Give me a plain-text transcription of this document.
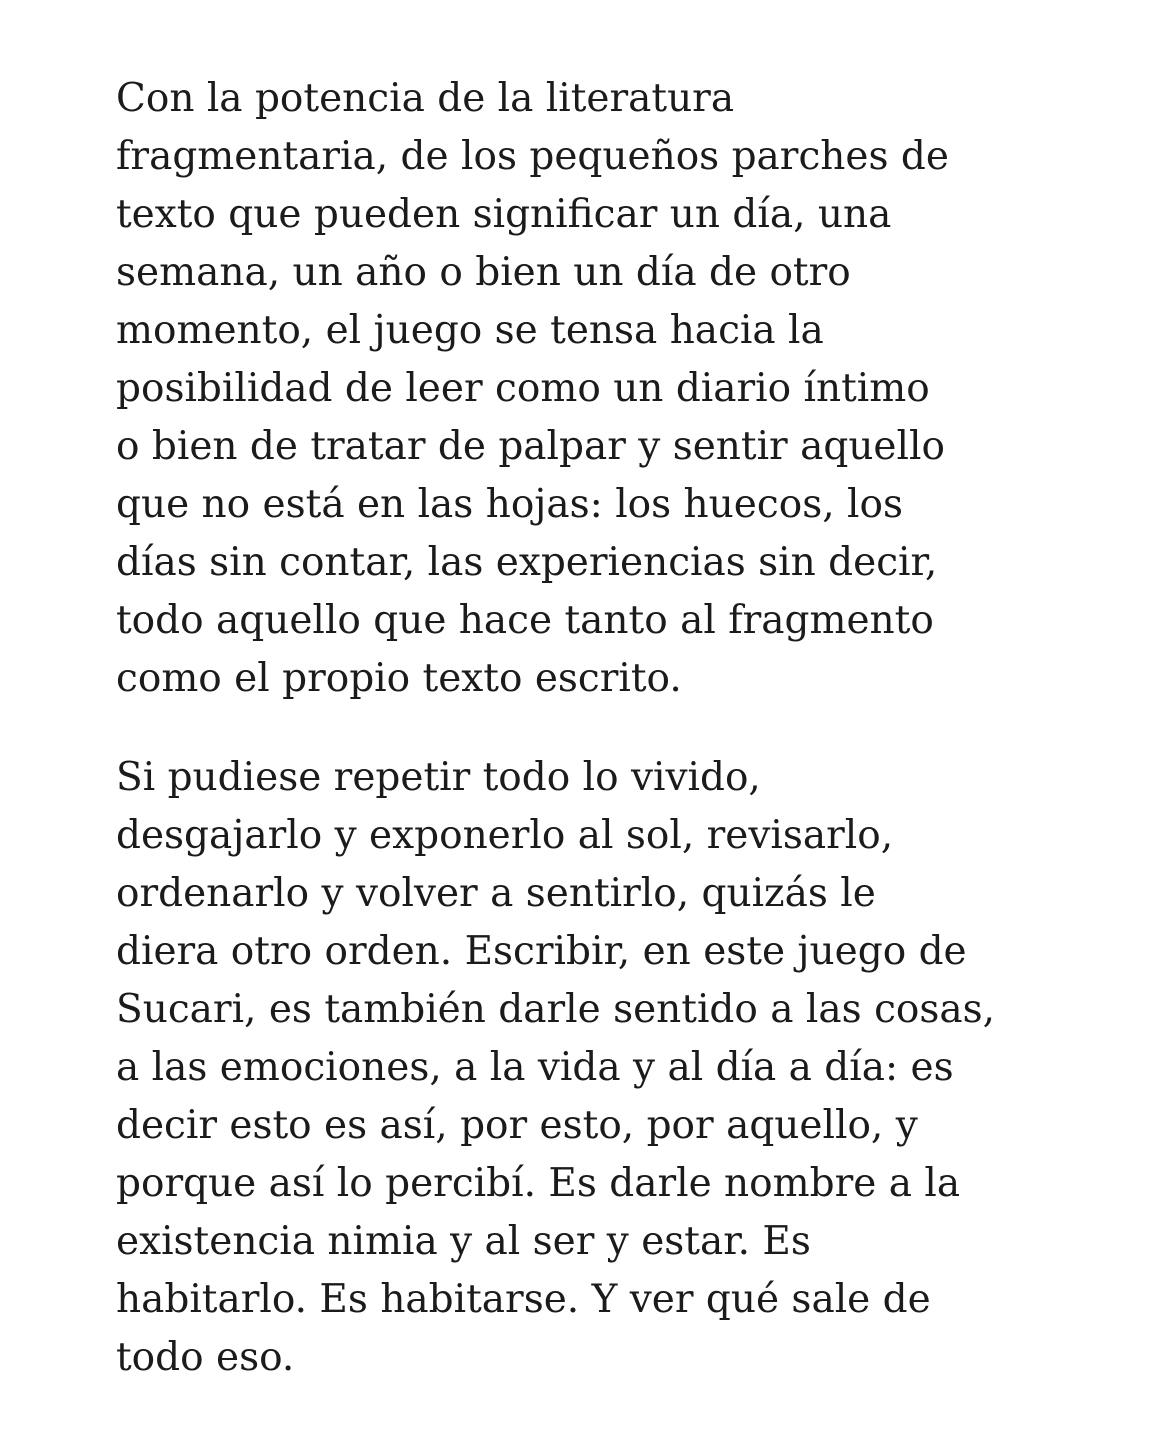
Con la potencia de la literatura
fragmentaria, de los pequeños parches de
texto que pueden significar un día, una
semana, un año o bien un día de otro
momento, el juego se tensa hacia la
posibilidad de leer como un diario íntimo
o bien de tratar de palpar y sentir aquello
que no está en las hojas: los huecos, los
días sin contar, las experiencias sin decir,
todo aquello que hace tanto al fragmento
como el propio texto escrito.

Si pudiese repetir todo lo vivido,
desgajarlo y exponerlo al sol, revisarlo,
ordenarlo y volver a sentirlo, quizás le
diera otro orden. Escribir, en este juego de
Sucari, es también darle sentido a las cosas,
a las emociones, a la vida y al día a día: es
decir esto es así, por esto, por aquello, y
porque así lo percibí. Es darle nombre a la
existencia nimia y al ser y estar. Es
habitarlo. Es habitarse. Y ver qué sale de
todo eso.
